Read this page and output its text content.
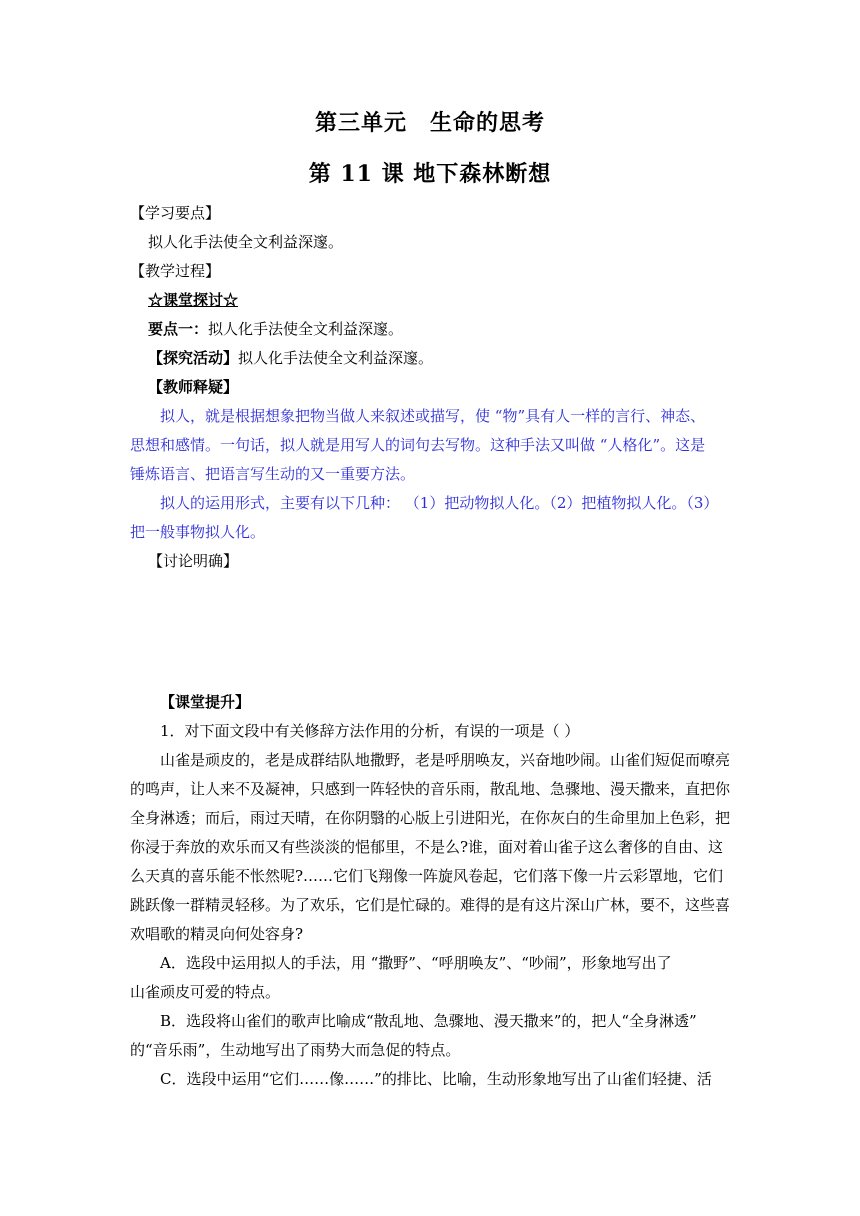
第三单元　生命的思考
第 11 课 地下森林断想
【学习要点】
拟人化手法使全文利益深邃。
【教学过程】
☆课堂探讨☆
要点一：拟人化手法使全文利益深邃。
【探究活动】拟人化手法使全文利益深邃。
【教师释疑】
拟人，就是根据想象把物当做人来叙述或描写，使 “物”具有人一样的言行、神态、
思想和感情。一句话，拟人就是用写人的词句去写物。这种手法又叫做 “人格化”。这是
锤炼语言、把语言写生动的又一重要方法。
拟人的运用形式，主要有以下几种： （1）把动物拟人化。（2）把植物拟人化。（3）
把一般事物拟人化。
【讨论明确】
【课堂提升】
1．对下面文段中有关修辞方法作用的分析，有误的一项是（ ）
山雀是顽皮的，老是成群结队地撒野，老是呼朋唤友，兴奋地吵闹。山雀们短促而嘹亮
的鸣声，让人来不及凝神，只感到一阵轻快的音乐雨，散乱地、急骤地、漫天撒来，直把你
全身淋透；而后，雨过天晴，在你阴翳的心版上引进阳光，在你灰白的生命里加上色彩，把
你浸于奔放的欢乐而又有些淡淡的悒郁里，不是么?谁，面对着山雀子这么奢侈的自由、这
么天真的喜乐能不怅然呢?……它们飞翔像一阵旋风卷起，它们落下像一片云彩罩地，它们
跳跃像一群精灵轻移。为了欢乐，它们是忙碌的。难得的是有这片深山广林，要不，这些喜
欢唱歌的精灵向何处容身?
A．选段中运用拟人的手法，用 “撒野”、“呼朋唤友”、“吵闹”，形象地写出了
山雀顽皮可爱的特点。
B．选段将山雀们的歌声比喻成“散乱地、急骤地、漫天撒来”的，把人“全身淋透”
的“音乐雨”，生动地写出了雨势大而急促的特点。
C．选段中运用“它们……像……”的排比、比喻，生动形象地写出了山雀们轻捷、活
